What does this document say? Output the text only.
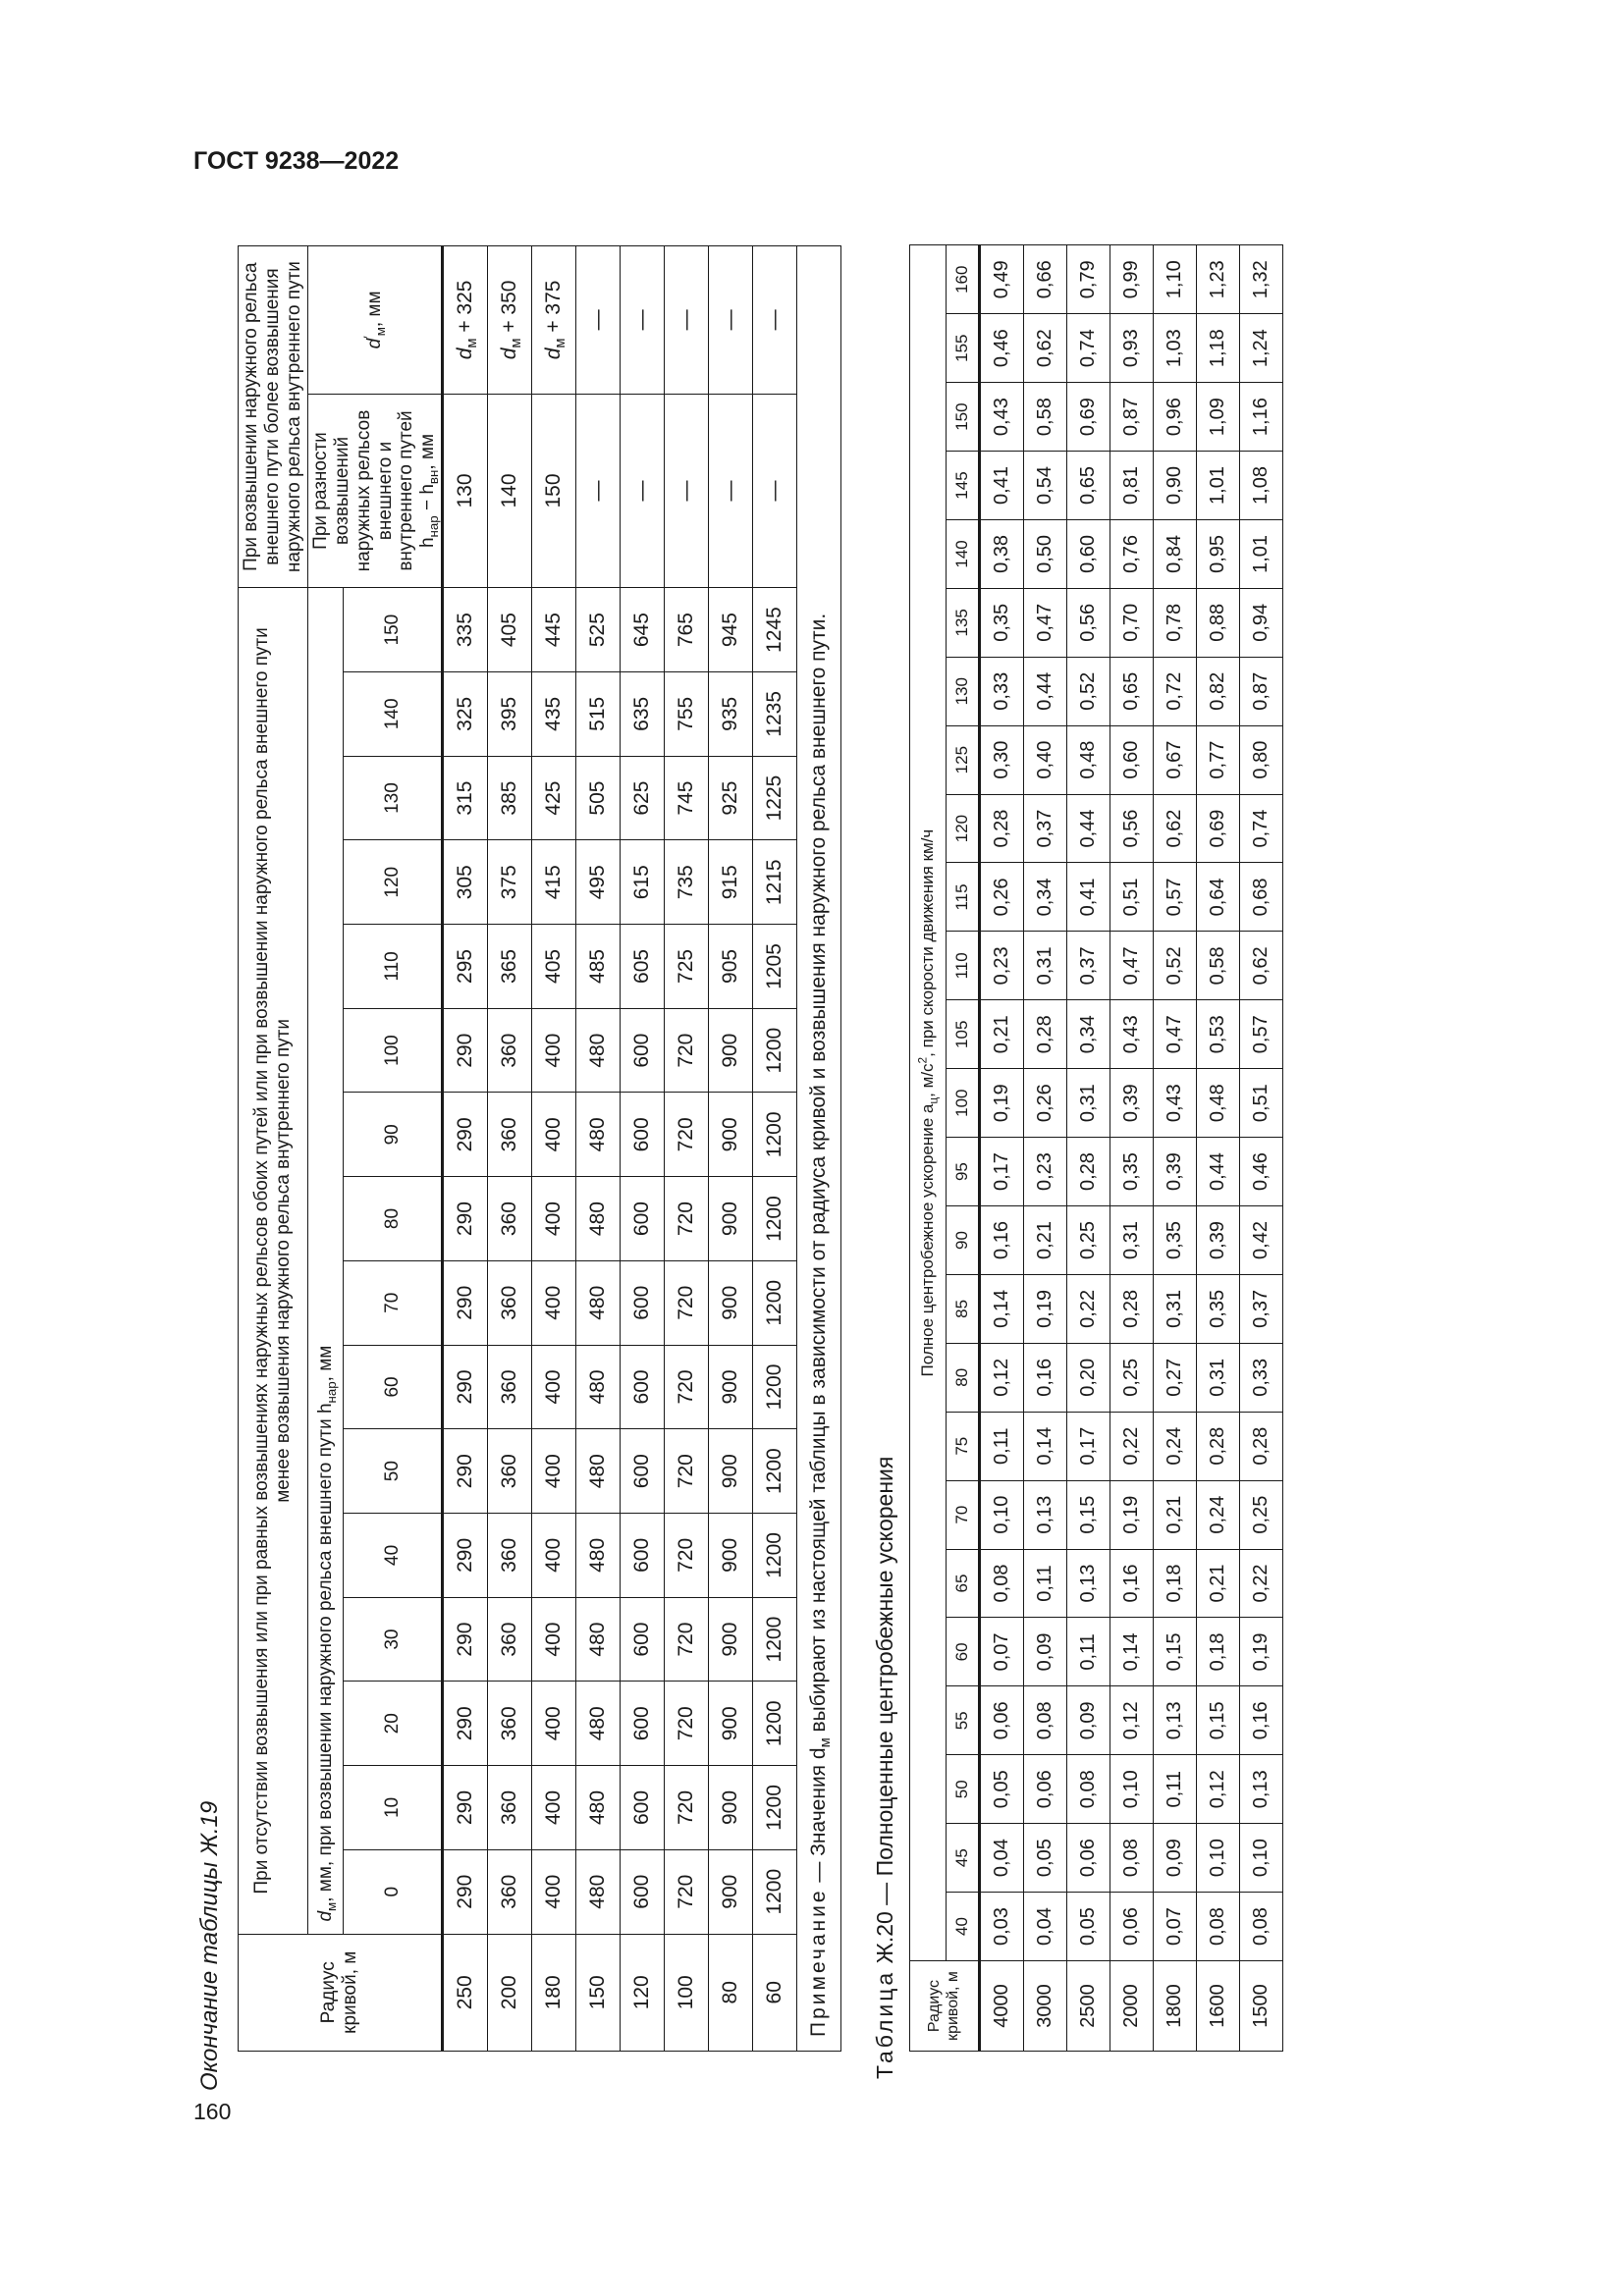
ГОСТ 9238—2022
160
Окончание таблицы Ж.19	Радиус кривой, м	При отсутствии возвышения или при равных возвышениях наружных рельсов обоих путей или при возвышении наружного рельса внешнего пути менее возвышения наружного рельса внутреннего пути																При возвышении наружного рельса внешнего пути более возвышения наружного рельса внутреннего пути	
	$d_м$, мм, при возвышении наружного рельса внешнего пути $h_{нар}$, мм																При разности возвышений наружных рельсов внешнего и внутреннего путей $h_{нар} - h_{вн}$, мм	$d'_м$, мм
	0	10	20	30	40	50	60	70	80	90	100	110	120	130	140	150		
250	290	290	290	290	290	290	290	290	290	290	290	295	305	315	325	335	130	$d_м + 325$
200	360	360	360	360	360	360	360	360	360	360	360	365	375	385	395	405	140	$d_м + 350$
180	400	400	400	400	400	400	400	400	400	400	400	405	415	425	435	445	150	$d_м + 375$
150	480	480	480	480	480	480	480	480	480	480	480	485	495	505	515	525	—	—
120	600	600	600	600	600	600	600	600	600	600	600	605	615	625	635	645	—	—
100	720	720	720	720	720	720	720	720	720	720	720	725	735	745	755	765	—	—
80	900	900	900	900	900	900	900	900	900	900	900	905	915	925	935	945	—	—
60	1200	1200	1200	1200	1200	1200	1200	1200	1200	1200	1200	1205	1215	1225	1235	1245	—	—
Примечание — Значения $d_м$ выбирают из настоящей таблицы в зависимости от радиуса кривой и возвышения наружного рельса внешнего пути.																		
Таблица Ж.20 — Полноценные центробежные ускорения
Радиус кривой, м	Полное центробежное ускорение $a_ц$, $м/с^2$, при скорости движения км/ч																								
	40	45	50	55	60	65	70	75	80	85	90	95	100	105	110	115	120	125	130	135	140	145	150	155	160
4000	0,03	0,04	0,05	0,06	0,07	0,08	0,10	0,11	0,12	0,14	0,16	0,17	0,19	0,21	0,23	0,26	0,28	0,30	0,33	0,35	0,38	0,41	0,43	0,46	0,49
3000	0,04	0,05	0,06	0,08	0,09	0,11	0,13	0,14	0,16	0,19	0,21	0,23	0,26	0,28	0,31	0,34	0,37	0,40	0,44	0,47	0,50	0,54	0,58	0,62	0,66
2500	0,05	0,06	0,08	0,09	0,11	0,13	0,15	0,17	0,20	0,22	0,25	0,28	0,31	0,34	0,37	0,41	0,44	0,48	0,52	0,56	0,60	0,65	0,69	0,74	0,79
2000	0,06	0,08	0,10	0,12	0,14	0,16	0,19	0,22	0,25	0,28	0,31	0,35	0,39	0,43	0,47	0,51	0,56	0,60	0,65	0,70	0,76	0,81	0,87	0,93	0,99
1800	0,07	0,09	0,11	0,13	0,15	0,18	0,21	0,24	0,27	0,31	0,35	0,39	0,43	0,47	0,52	0,57	0,62	0,67	0,72	0,78	0,84	0,90	0,96	1,03	1,10
1600	0,08	0,10	0,12	0,15	0,18	0,21	0,24	0,28	0,31	0,35	0,39	0,44	0,48	0,53	0,58	0,64	0,69	0,77	0,82	0,88	0,95	1,01	1,09	1,18	1,23
1500	0,08	0,10	0,13	0,16	0,19	0,22	0,25	0,28	0,33	0,37	0,42	0,46	0,51	0,57	0,62	0,68	0,74	0,80	0,87	0,94	1,01	1,08	1,16	1,24	1,32
